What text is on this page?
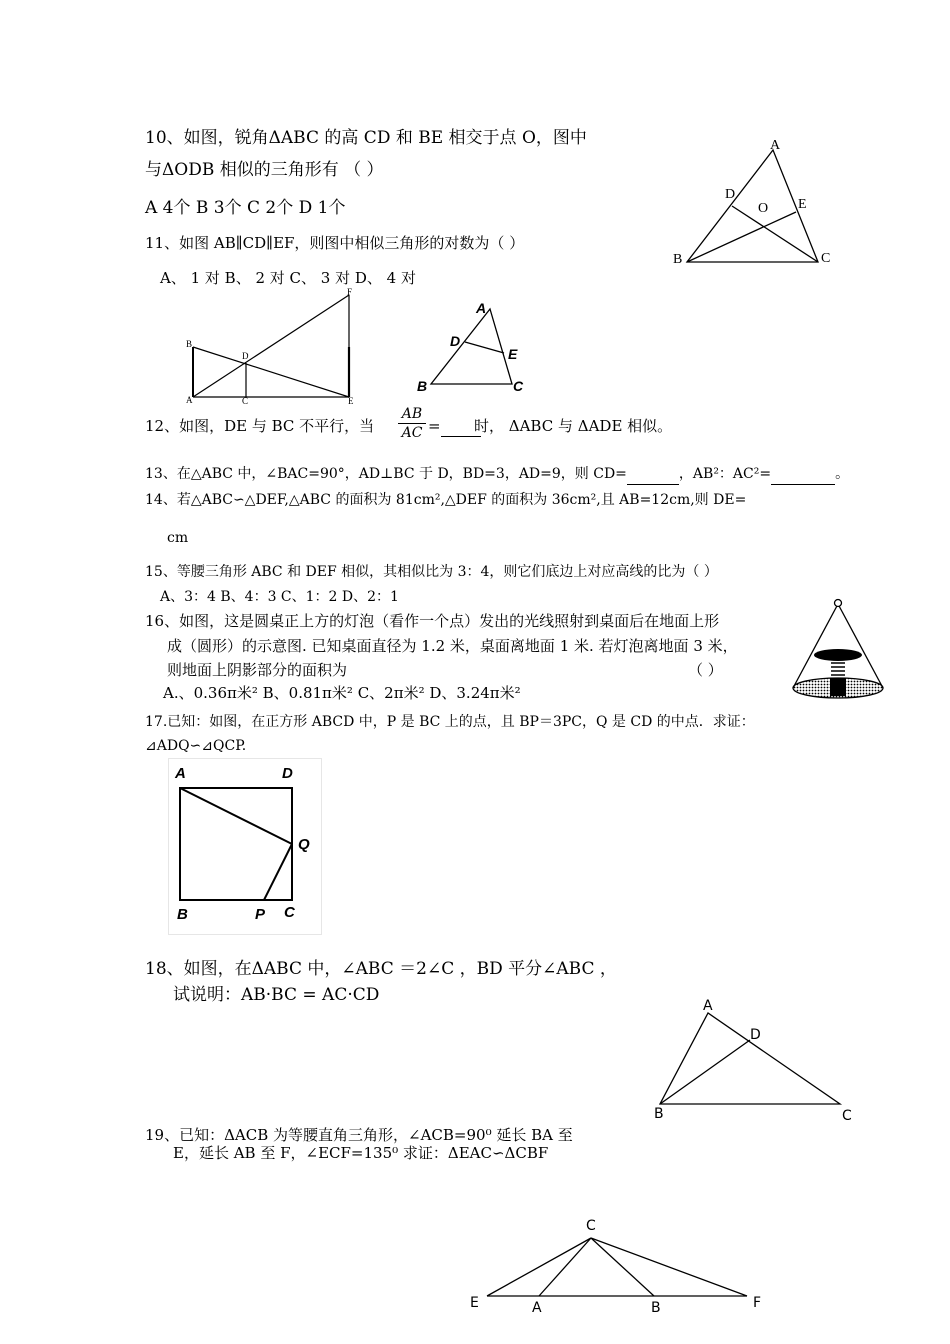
10、如图，锐角ΔABC 的高 CD 和 BE 相交于点 O，图中
与ΔODB 相似的三角形有 （ ）
A 4个 B 3个 C 2个 D 1个
A
B	C
D
E
O
11、如图 AB∥CD∥EF，则图中相似三角形的对数为（ ）
A、 1 对 B、 2 对 C、 3 对 D、 4 对
B
A
D
C
F
E
A
D
E
B	C
12、如图，DE 与 BC 不平行，当
AB
AC =	时， ΔABC 与 ΔADE 相似。
13、在△ABC 中，∠BAC=90°，AD⊥BC 于 D，BD=3，AD=9，则 CD=	，AB²：AC²=	。
14、若△ABC∽△DEF,△ABC 的面积为 81cm²,△DEF 的面积为 36cm²,且 AB=12cm,则 DE=
cm
15、等腰三角形 ABC 和 DEF 相似，其相似比为 3：4，则它们底边上对应高线的比为（ ）
A、3：4 B、4：3 C、1：2 D、2：1
16、如图，这是圆桌正上方的灯泡（看作一个点）发出的光线照射到桌面后在地面上形
成（圆形）的示意图. 已知桌面直径为 1.2 米，桌面离地面 1 米. 若灯泡离地面 3 米，
则地面上阴影部分的面积为	（ ）
A.、0.36π米² B、0.81π米² C、2π米² D、3.24π米²
17.已知：如图，在正方形 ABCD 中，P 是 BC 上的点，且 BP＝3PC，Q 是 CD 的中点．求证：
⊿ADQ∽⊿QCP.
A	D
Q
B	P C
18、如图，在ΔABC 中，∠ABC ＝2∠C ，BD 平分∠ABC ，
试说明：AB·BC = AC·CD
A
D
B	C
19、已知：ΔACB 为等腰直角三角形，∠ACB=90⁰ 延长 BA 至
E，延长 AB 至 F，∠ECF=135⁰ 求证：ΔEAC∽ΔCBF
C
E	A	B	F
